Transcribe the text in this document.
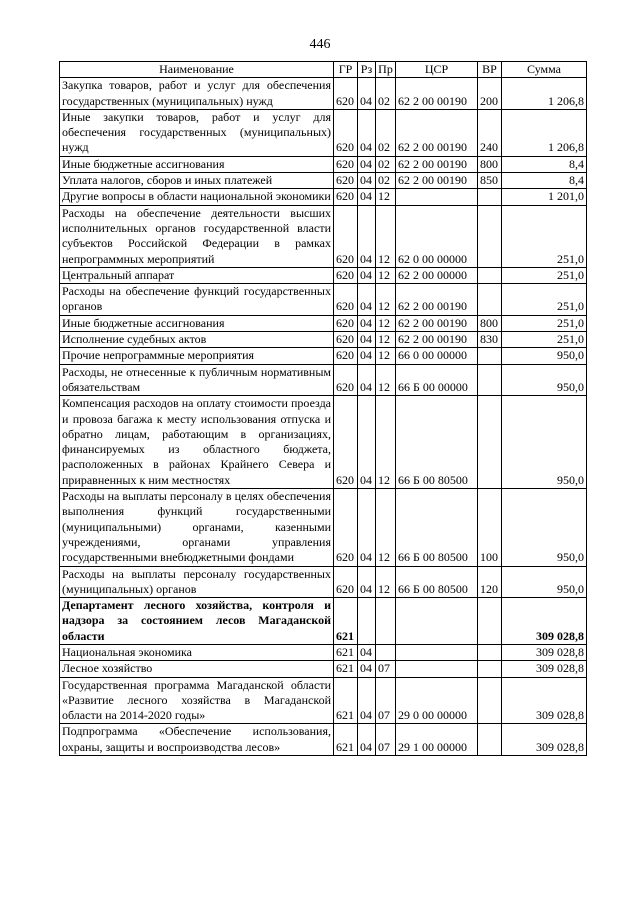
446
Наименование	ГР	Рз	Пр	ЦСР	ВР	Сумма
Закупка товаров, работ и услуг для обеспечения государственных (муниципальных) нужд	620	04	02	62 2 00 00190	200	1 206,8
Иные закупки товаров, работ и услуг для обеспечения государственных (муниципальных) нужд	620	04	02	62 2 00 00190	240	1 206,8
Иные бюджетные ассигнования	620	04	02	62 2 00 00190	800	8,4
Уплата налогов, сборов и иных платежей	620	04	02	62 2 00 00190	850	8,4
Другие вопросы в области национальной экономики	620	04	12			1 201,0
Расходы на обеспечение деятельности высших исполнительных органов государственной власти субъектов Российской Федерации в рамках непрограммных мероприятий	620	04	12	62 0 00 00000		251,0
Центральный аппарат	620	04	12	62 2 00 00000		251,0
Расходы на обеспечение функций государственных органов	620	04	12	62 2 00 00190		251,0
Иные бюджетные ассигнования	620	04	12	62 2 00 00190	800	251,0
Исполнение судебных актов	620	04	12	62 2 00 00190	830	251,0
Прочие непрограммные мероприятия	620	04	12	66 0 00 00000		950,0
Расходы, не отнесенные к публичным нормативным обязательствам	620	04	12	66 Б 00 00000		950,0
Компенсация расходов на оплату стоимости проезда и провоза багажа к месту использования отпуска и обратно лицам, работающим в организациях, финансируемых из областного бюджета, расположенных в районах Крайнего Севера и приравненных к ним местностях	620	04	12	66 Б 00 80500		950,0
Расходы на выплаты персоналу в целях обеспечения выполнения функций государственными (муниципальными) органами, казенными учреждениями, органами управления государственными внебюджетными фондами	620	04	12	66 Б 00 80500	100	950,0
Расходы на выплаты персоналу государственных (муниципальных) органов	620	04	12	66 Б 00 80500	120	950,0
Департамент лесного хозяйства, контроля и надзора за состоянием лесов Магаданской области	621					309 028,8
Национальная экономика	621	04				309 028,8
Лесное хозяйство	621	04	07			309 028,8
Государственная программа Магаданской области «Развитие лесного хозяйства в Магаданской области на 2014-2020 годы»	621	04	07	29 0 00 00000		309 028,8
Подпрограмма «Обеспечение использования, охраны, защиты и воспроизводства лесов»	621	04	07	29 1 00 00000		309 028,8
